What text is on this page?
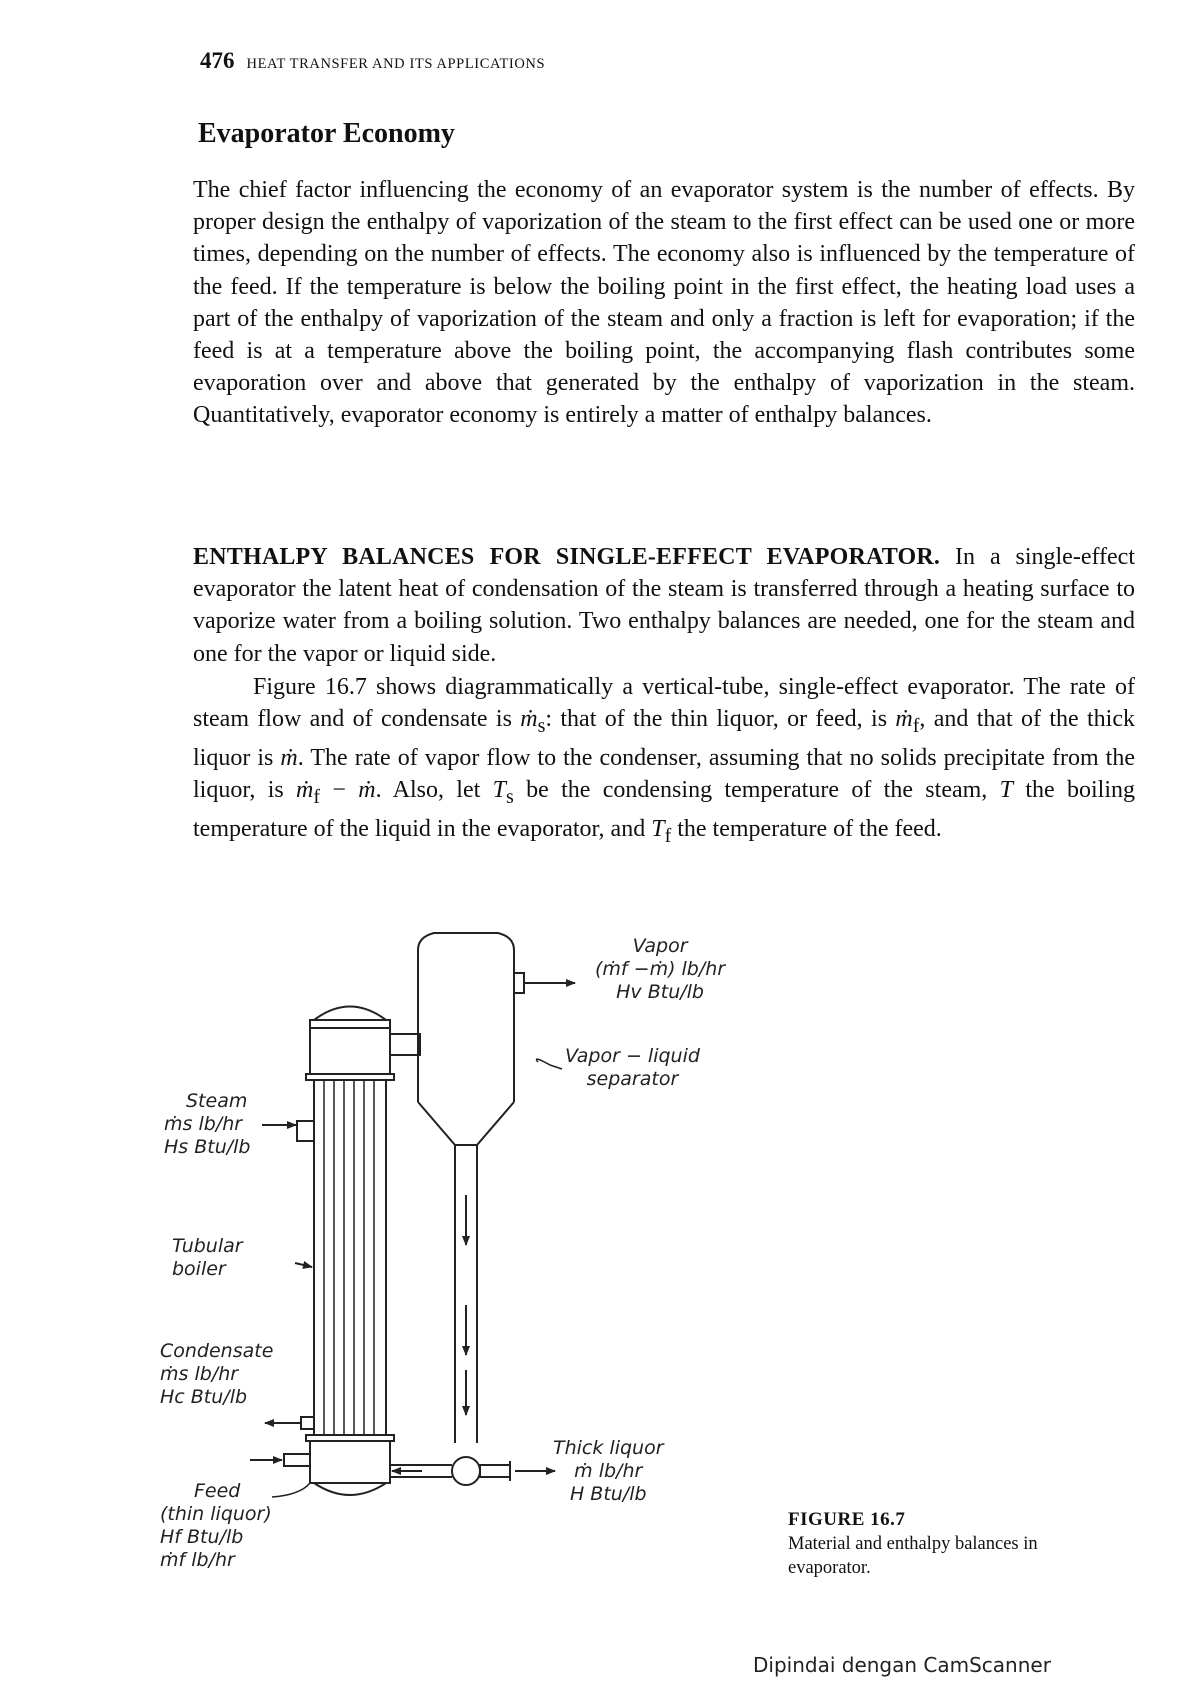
476 HEAT TRANSFER AND ITS APPLICATIONS
Evaporator Economy

The chief factor influencing the economy of an evaporator system is the number of effects. By proper design the enthalpy of vaporization of the steam to the first effect can be used one or more times, depending on the number of effects. The economy also is influenced by the temperature of the feed. If the temperature is below the boiling point in the first effect, the heating load uses a part of the enthalpy of vaporization of the steam and only a fraction is left for evaporation; if the feed is at a temperature above the boiling point, the accompanying flash contributes some evaporation over and above that generated by the enthalpy of vaporization in the steam. Quantitatively, evaporator economy is entirely a matter of enthalpy balances.

ENTHALPY BALANCES FOR SINGLE-EFFECT EVAPORATOR. In a single-effect evaporator the latent heat of condensation of the steam is transferred through a heating surface to vaporize water from a boiling solution. Two enthalpy balances are needed, one for the steam and one for the vapor or liquid side.

Figure 16.7 shows diagrammatically a vertical-tube, single-effect evaporator. The rate of steam flow and of condensate is ṁ$_s$: that of the thin liquor, or feed, is ṁ$_f$, and that of the thick liquor is ṁ. The rate of vapor flow to the condenser, assuming that no solids precipitate from the liquor, is ṁ$_f$ − ṁ. Also, let $T_s$ be the condensing temperature of the steam, T the boiling temperature of the liquid in the evaporator, and $T_f$ the temperature of the feed.

Vapor
(ṁf −ṁ) lb/hr
Hv Btu/lb
Vapor − liquid
separator
Steam
ṁs lb/hr
Hs Btu/lb
Tubular
boiler
Condensate
ṁs lb/hr
Hc Btu/lb
Thick liquor
ṁ lb/hr
H Btu/lb
Feed
(thin liquor)
Hf Btu/lb
ṁf lb/hr
FIGURE 16.7
Material and enthalpy balances in evaporator.
Dipindai dengan CamScanner
